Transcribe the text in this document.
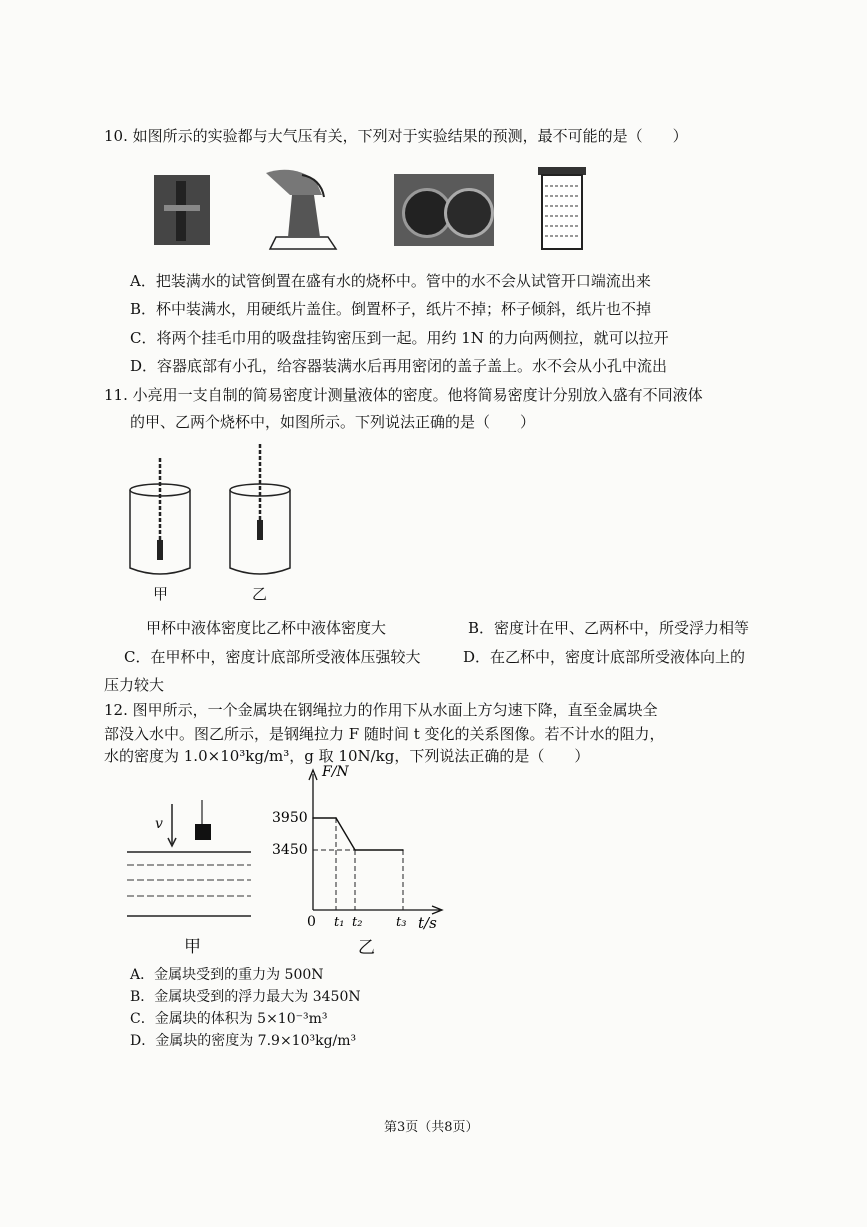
10. 如图所示的实验都与大气压有关，下列对于实验结果的预测，最不可能的是（　　）
A．把装满水的试管倒置在盛有水的烧杯中。管中的水不会从试管开口端流出来
B．杯中装满水，用硬纸片盖住。倒置杯子，纸片不掉；杯子倾斜，纸片也不掉
C．将两个挂毛巾用的吸盘挂钩密压到一起。用约 1N 的力向两侧拉，就可以拉开
D．容器底部有小孔，给容器装满水后再用密闭的盖子盖上。水不会从小孔中流出
11. 小亮用一支自制的简易密度计测量液体的密度。他将简易密度计分别放入盛有不同液体
的甲、乙两个烧杯中，如图所示。下列说法正确的是（　　）
甲	乙
甲杯中液体密度比乙杯中液体密度大	B．密度计在甲、乙两杯中，所受浮力相等
C．在甲杯中，密度计底部所受液体压强较大	D．在乙杯中，密度计底部所受液体向上的
压力较大
12. 图甲所示，一个金属块在钢绳拉力的作用下从水面上方匀速下降，直至金属块全
部没入水中。图乙所示，是钢绳拉力 F 随时间 t 变化的关系图像。若不计水的阻力，
水的密度为 1.0×10³kg/m³，g 取 10N/kg，下列说法正确的是（　　）
v
甲
F/N
0	t/s
3950
3450
t₁ t₂	t₃
乙
A．金属块受到的重力为 500N
B．金属块受到的浮力最大为 3450N
C．金属块的体积为 5×10⁻³m³
D．金属块的密度为 7.9×10³kg/m³
第3页（共8页）
